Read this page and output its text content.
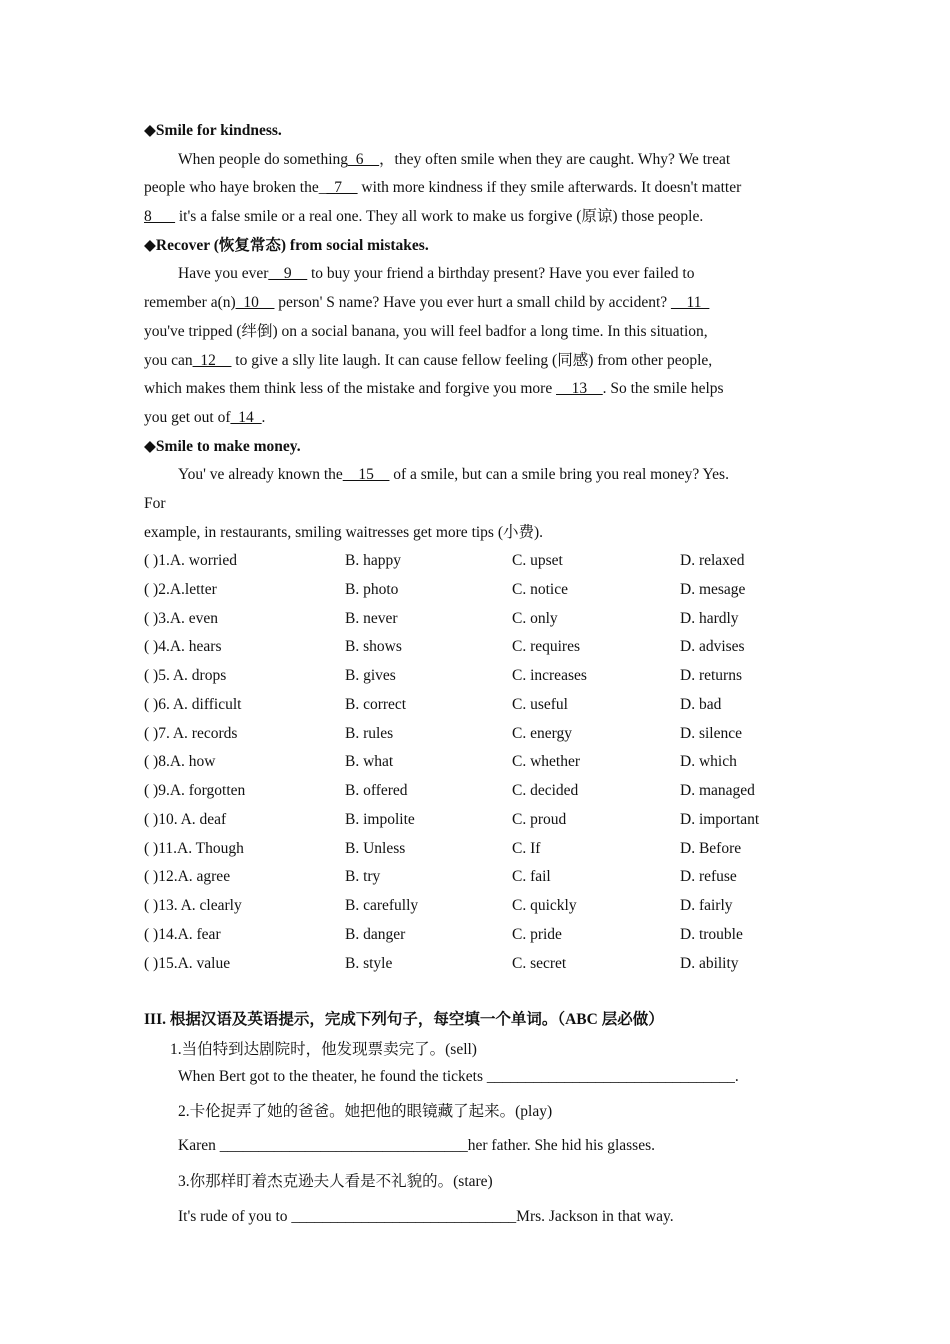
◆Smile for kindness.
When people do something_6__，they often smile when they are caught. Why? We treat
people who haye broken the__7__ with more kindness if they smile afterwards. It doesn't matter
8___ it's a false smile or a real one. They all work to make us forgive (原谅) those people.
◆Recover (恢复常态) from social mistakes.
Have you ever__9__ to buy your friend a birthday present? Have you ever failed to
remember a(n)_10__ person' S name? Have you ever hurt a small child by accident? __11_
you've tripped (绊倒) on a social banana, you will feel badfor a long time. In this situation,
you can_12__ to give a slly lite laugh. It can cause fellow feeling (同感) from other people,
which makes them think less of the mistake and forgive you more __13__. So the smile helps
you get out of_14_.
◆Smile to make money.
You' ve already known the__15__ of a smile, but can a smile bring you real money? Yes.
For
example, in restaurants, smiling waitresses get more tips (小费).
( )1.A. worried	B. happy	C. upset	D. relaxed
( )2.A.letter	B. photo	C. notice	D. mesage
( )3.A. even	B. never	C. only	D. hardly
( )4.A. hears	B. shows	C. requires	D. advises
( )5. A. drops	B. gives	C. increases	D. returns
( )6. A. difficult	B. correct	C. useful	D. bad
( )7. A. records	B. rules	C. energy	D. silence
( )8.A. how	B. what	C. whether	D. which
( )9.A. forgotten	B. offered	C. decided	D. managed
( )10. A. deaf	B. impolite	C. proud	D. important
( )11.A. Though	B. Unless	C. If	D. Before
( )12.A. agree	B. try	C. fail	D. refuse
( )13. A. clearly	B. carefully	C. quickly	D. fairly
( )14.A. fear	B. danger	C. pride	D. trouble
( )15.A. value	B. style	C. secret	D. ability
III. 根据汉语及英语提示，完成下列句子，每空填一个单词。（ABC 层必做）
1.当伯特到达剧院时，他发现票卖完了。(sell)
When Bert got to the theater, he found the tickets ________________________________.
2.卡伦捉弄了她的爸爸。她把他的眼镜藏了起来。(play)
Karen ________________________________her father. She hid his glasses.
3.你那样盯着杰克逊夫人看是不礼貌的。(stare)
It's rude of you to _____________________________Mrs. Jackson in that way.
